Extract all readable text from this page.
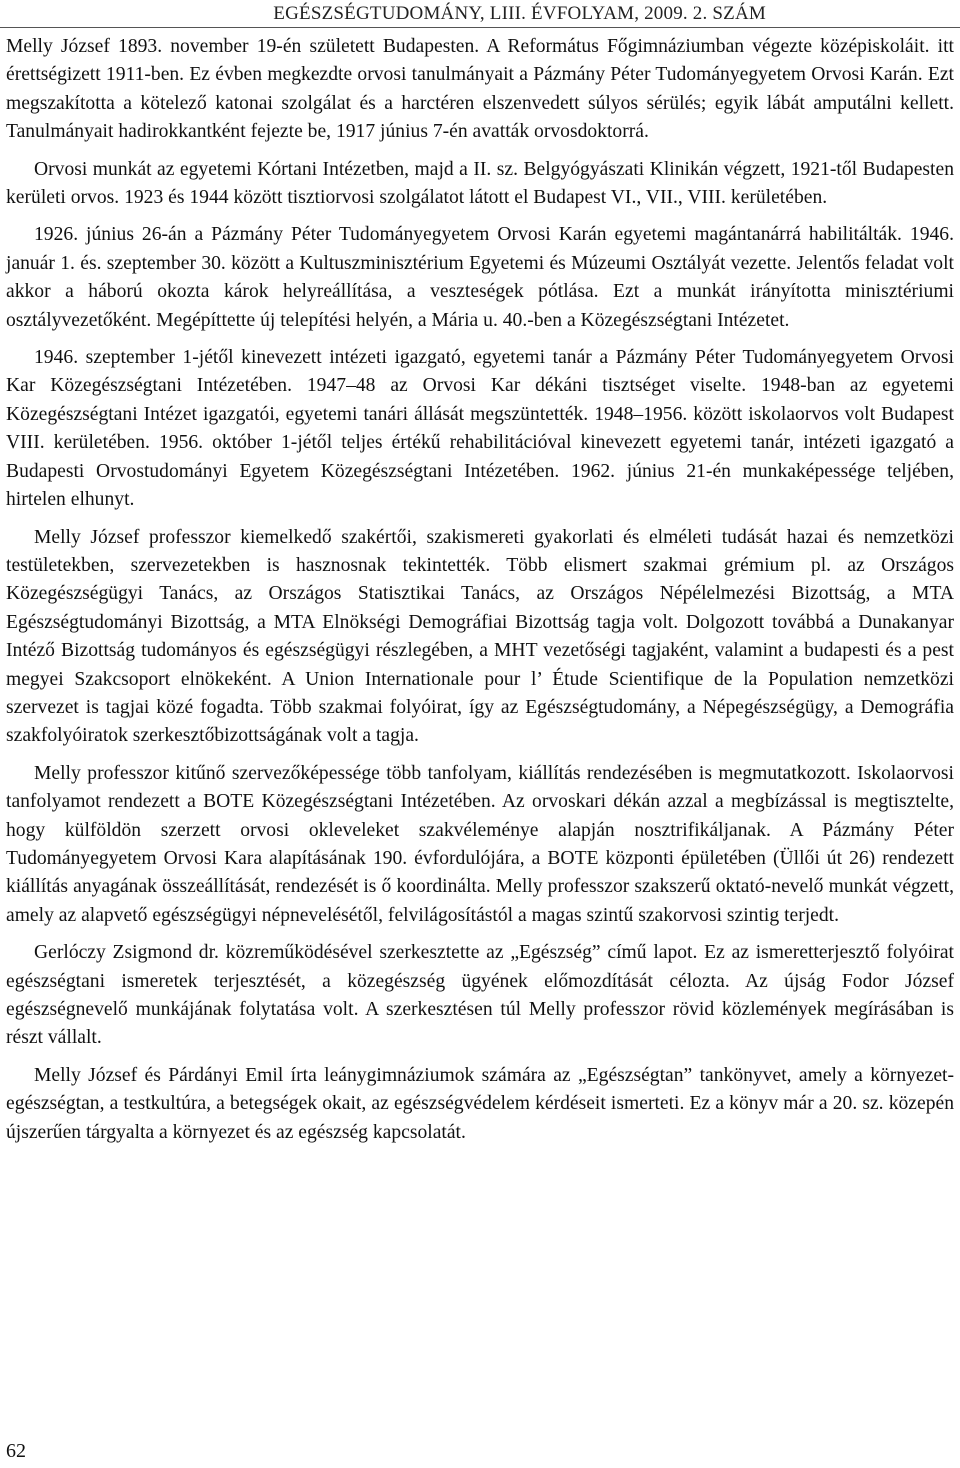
EGÉSZSÉGTUDOMÁNY, LIII. ÉVFOLYAM, 2009. 2. SZÁM

Melly József 1893. november 19-én született Budapesten. A Református Főgimnáziumban végezte középiskoláit. itt érettségizett 1911-ben. Ez évben megkezdte orvosi tanulmányait a Pázmány Péter Tudományegyetem Orvosi Karán. Ezt megszakította a kötelező katonai szolgálat és a harctéren elszenvedett súlyos sérülés; egyik lábát amputálni kellett. Tanulmányait hadirokkantként fejezte be, 1917 június 7-én avatták orvosdoktorrá.

Orvosi munkát az egyetemi Kórtani Intézetben, majd a II. sz. Belgyógyászati Klinikán végzett, 1921-től Budapesten kerületi orvos. 1923 és 1944 között tisztiorvosi szolgálatot látott el Budapest VI., VII., VIII. kerületében.

1926. június 26-án a Pázmány Péter Tudományegyetem Orvosi Karán egyetemi magántanárrá habilitálták. 1946. január 1. és. szeptember 30. között a Kultuszminisztérium Egyetemi és Múzeumi Osztályát vezette. Jelentős feladat volt akkor a háború okozta károk helyreállítása, a veszteségek pótlása. Ezt a munkát irányította minisztériumi osztályvezetőként. Megépíttette új telepítési helyén, a Mária u. 40.-ben a Közegészségtani Intézetet.

1946. szeptember 1-jétől kinevezett intézeti igazgató, egyetemi tanár a Pázmány Péter Tudományegyetem Orvosi Kar Közegészségtani Intézetében. 1947–48 az Orvosi Kar dékáni tisztséget viselte. 1948-ban az egyetemi Közegészségtani Intézet igazgatói, egyetemi tanári állását megszüntették. 1948–1956. között iskolaorvos volt Budapest VIII. kerületében. 1956. október 1-jétől teljes értékű rehabilitációval kinevezett egyetemi tanár, intézeti igazgató a Budapesti Orvostudományi Egyetem Közegészségtani Intézetében. 1962. június 21-én munkaképessége teljében, hirtelen elhunyt.

Melly József professzor kiemelkedő szakértői, szakismereti gyakorlati és elméleti tudását hazai és nemzetközi testületekben, szervezetekben is hasznosnak tekintették. Több elismert szakmai grémium pl. az Országos Közegészségügyi Tanács, az Országos Statisztikai Tanács, az Országos Népélelmezési Bizottság, a MTA Egészségtudományi Bizottság, a MTA Elnökségi Demográfiai Bizottság tagja volt. Dolgozott továbbá a Dunakanyar Intéző Bizottság tudományos és egészségügyi részlegében, a MHT vezetőségi tagjaként, valamint a budapesti és a pest megyei Szakcsoport elnökeként. A Union Internationale pour l’ Étude Scientifique de la Population nemzetközi szervezet is tagjai közé fogadta. Több szakmai folyóirat, így az Egészségtudomány, a Népegészségügy, a Demográfia szakfolyóiratok szerkesztőbizottságának volt a tagja.

Melly professzor kitűnő szervezőképessége több tanfolyam, kiállítás rendezésében is megmutatkozott. Iskolaorvosi tanfolyamot rendezett a BOTE Közegészségtani Intézetében. Az orvoskari dékán azzal a megbízással is megtisztelte, hogy külföldön szerzett orvosi okleveleket szakvéleménye alapján nosztrifikáljanak. A Pázmány Péter Tudományegyetem Orvosi Kara alapításának 190. évfordulójára, a BOTE központi épületében (Üllői út 26) rendezett kiállítás anyagának összeállítását, rendezését is ő koordinálta. Melly professzor szakszerű oktató-nevelő munkát végzett, amely az alapvető egészségügyi népnevelésétől, felvilágosítástól a magas szintű szakorvosi szintig terjedt.

Gerlóczy Zsigmond dr. közreműködésével szerkesztette az „Egészség” című lapot. Ez az ismeretterjesztő folyóirat egészségtani ismeretek terjesztését, a közegészség ügyének előmozdítását célozta. Az újság Fodor József egészségnevelő munkájának folytatása volt. A szerkesztésen túl Melly professzor rövid közlemények megírásában is részt vállalt.

Melly József és Párdányi Emil írta leánygimnáziumok számára az „Egészségtan” tankönyvet, amely a környezet-egészségtan, a testkultúra, a betegségek okait, az egészségvédelem kérdéseit ismerteti. Ez a könyv már a 20. sz. közepén újszerűen tárgyalta a környezet és az egészség kapcsolatát.

62
